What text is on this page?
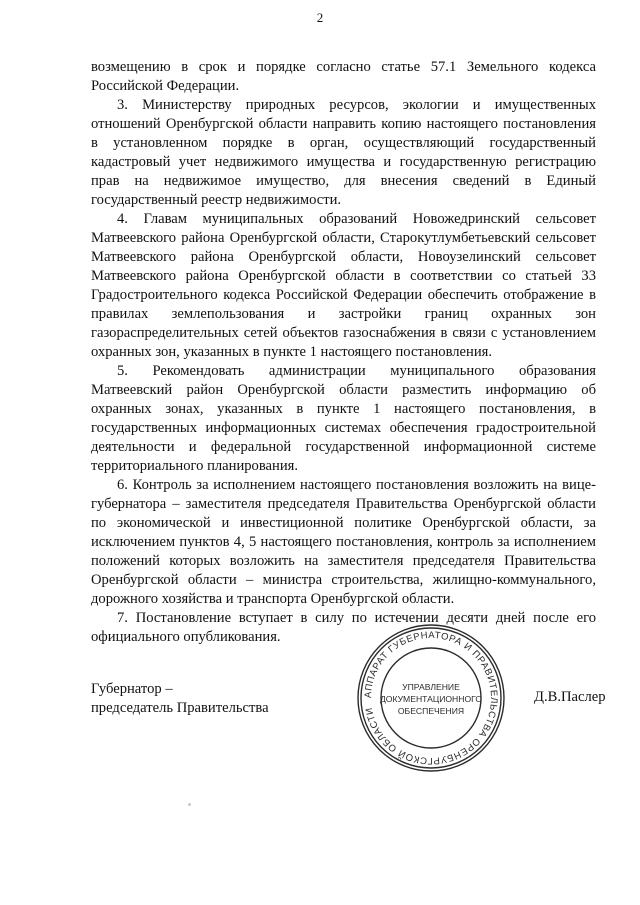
2

возмещению в срок и порядке согласно статье 57.1 Земельного кодекса Российской Федерации.

3. Министерству природных ресурсов, экологии и имущественных отношений Оренбургской области направить копию настоящего постановления в установленном порядке в орган, осуществляющий государственный кадастровый учет недвижимого имущества и государственную регистрацию прав на недвижимое имущество, для внесения сведений в Единый государственный реестр недвижимости.

4. Главам муниципальных образований Новожедринский сельсовет Матвеевского района Оренбургской области, Старокутлумбетьевский сельсовет Матвеевского района Оренбургской области, Новоузелинский сельсовет Матвеевского района Оренбургской области в соответствии со статьей 33 Градостроительного кодекса Российской Федерации обеспечить отображение в правилах землепользования и застройки границ охранных зон газораспределительных сетей объектов газоснабжения в связи с установлением охранных зон, указанных в пункте 1 настоящего постановления.

5. Рекомендовать администрации муниципального образования Матвеевский район Оренбургской области разместить информацию об охранных зонах, указанных в пункте 1 настоящего постановления, в государственных информационных системах обеспечения градостроительной деятельности и федеральной государственной информационной системе территориального планирования.

6. Контроль за исполнением настоящего постановления возложить на вице-губернатора – заместителя председателя Правительства Оренбургской области по экономической и инвестиционной политике Оренбургской области, за исключением пунктов 4, 5 настоящего постановления, контроль за исполнением положений которых возложить на заместителя председателя Правительства Оренбургской области – министра строительства, жилищно-коммунального, дорожного хозяйства и транспорта Оренбургской области.

7. Постановление вступает в силу по истечении десяти дней после его официального опубликования.

Губернатор –
председатель Правительства
Д.В.Паслер
АППАРАТ ГУБЕРНАТОРА И ПРАВИТЕЛЬСТВА ОРЕНБУРГСКОЙ ОБЛАСТИ
УПРАВЛЕНИЕ
ДОКУМЕНТАЦИОННОГО
ОБЕСПЕЧЕНИЯ
